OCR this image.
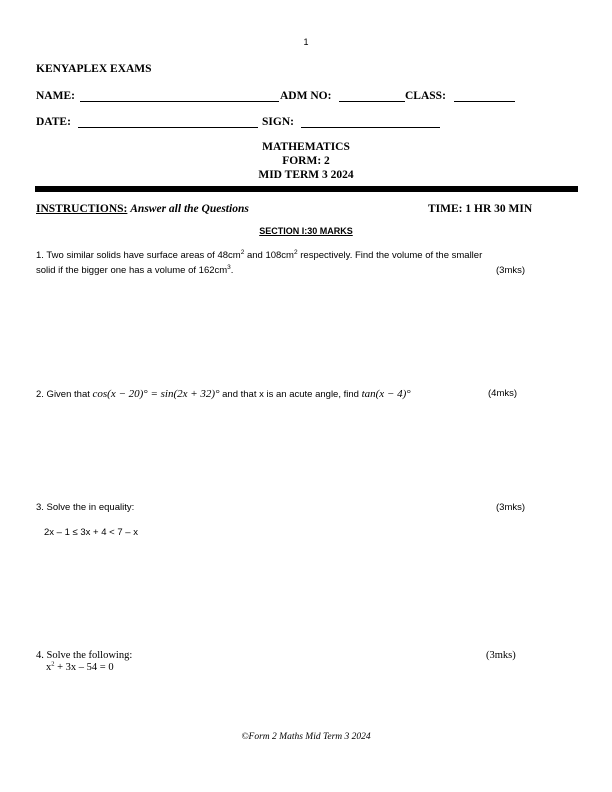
1
KENYAPLEX EXAMS
NAME:	ADM NO:	CLASS:
DATE:	SIGN:
MATHEMATICS
FORM: 2
MID TERM 3 2024
INSTRUCTIONS: Answer all the Questions	TIME: 1 HR 30 MIN
SECTION I:30 MARKS
1. Two similar solids have surface areas of $48cm^2$ and $108cm^2$ respectively. Find the volume of the smaller
solid if the bigger one has a volume of $162cm^3$.	(3mks)
2. Given that cos(x − 20)° = sin(2x + 32)° and that x is an acute angle, find tan(x − 4)°	(4mks)
3. Solve the in equality:	(3mks)
2x – 1 ≤ 3x + 4 < 7 – x
4. Solve the following:	(3mks)
$x^2 + 3x - 54 = 0$
©Form 2 Maths Mid Term 3 2024
